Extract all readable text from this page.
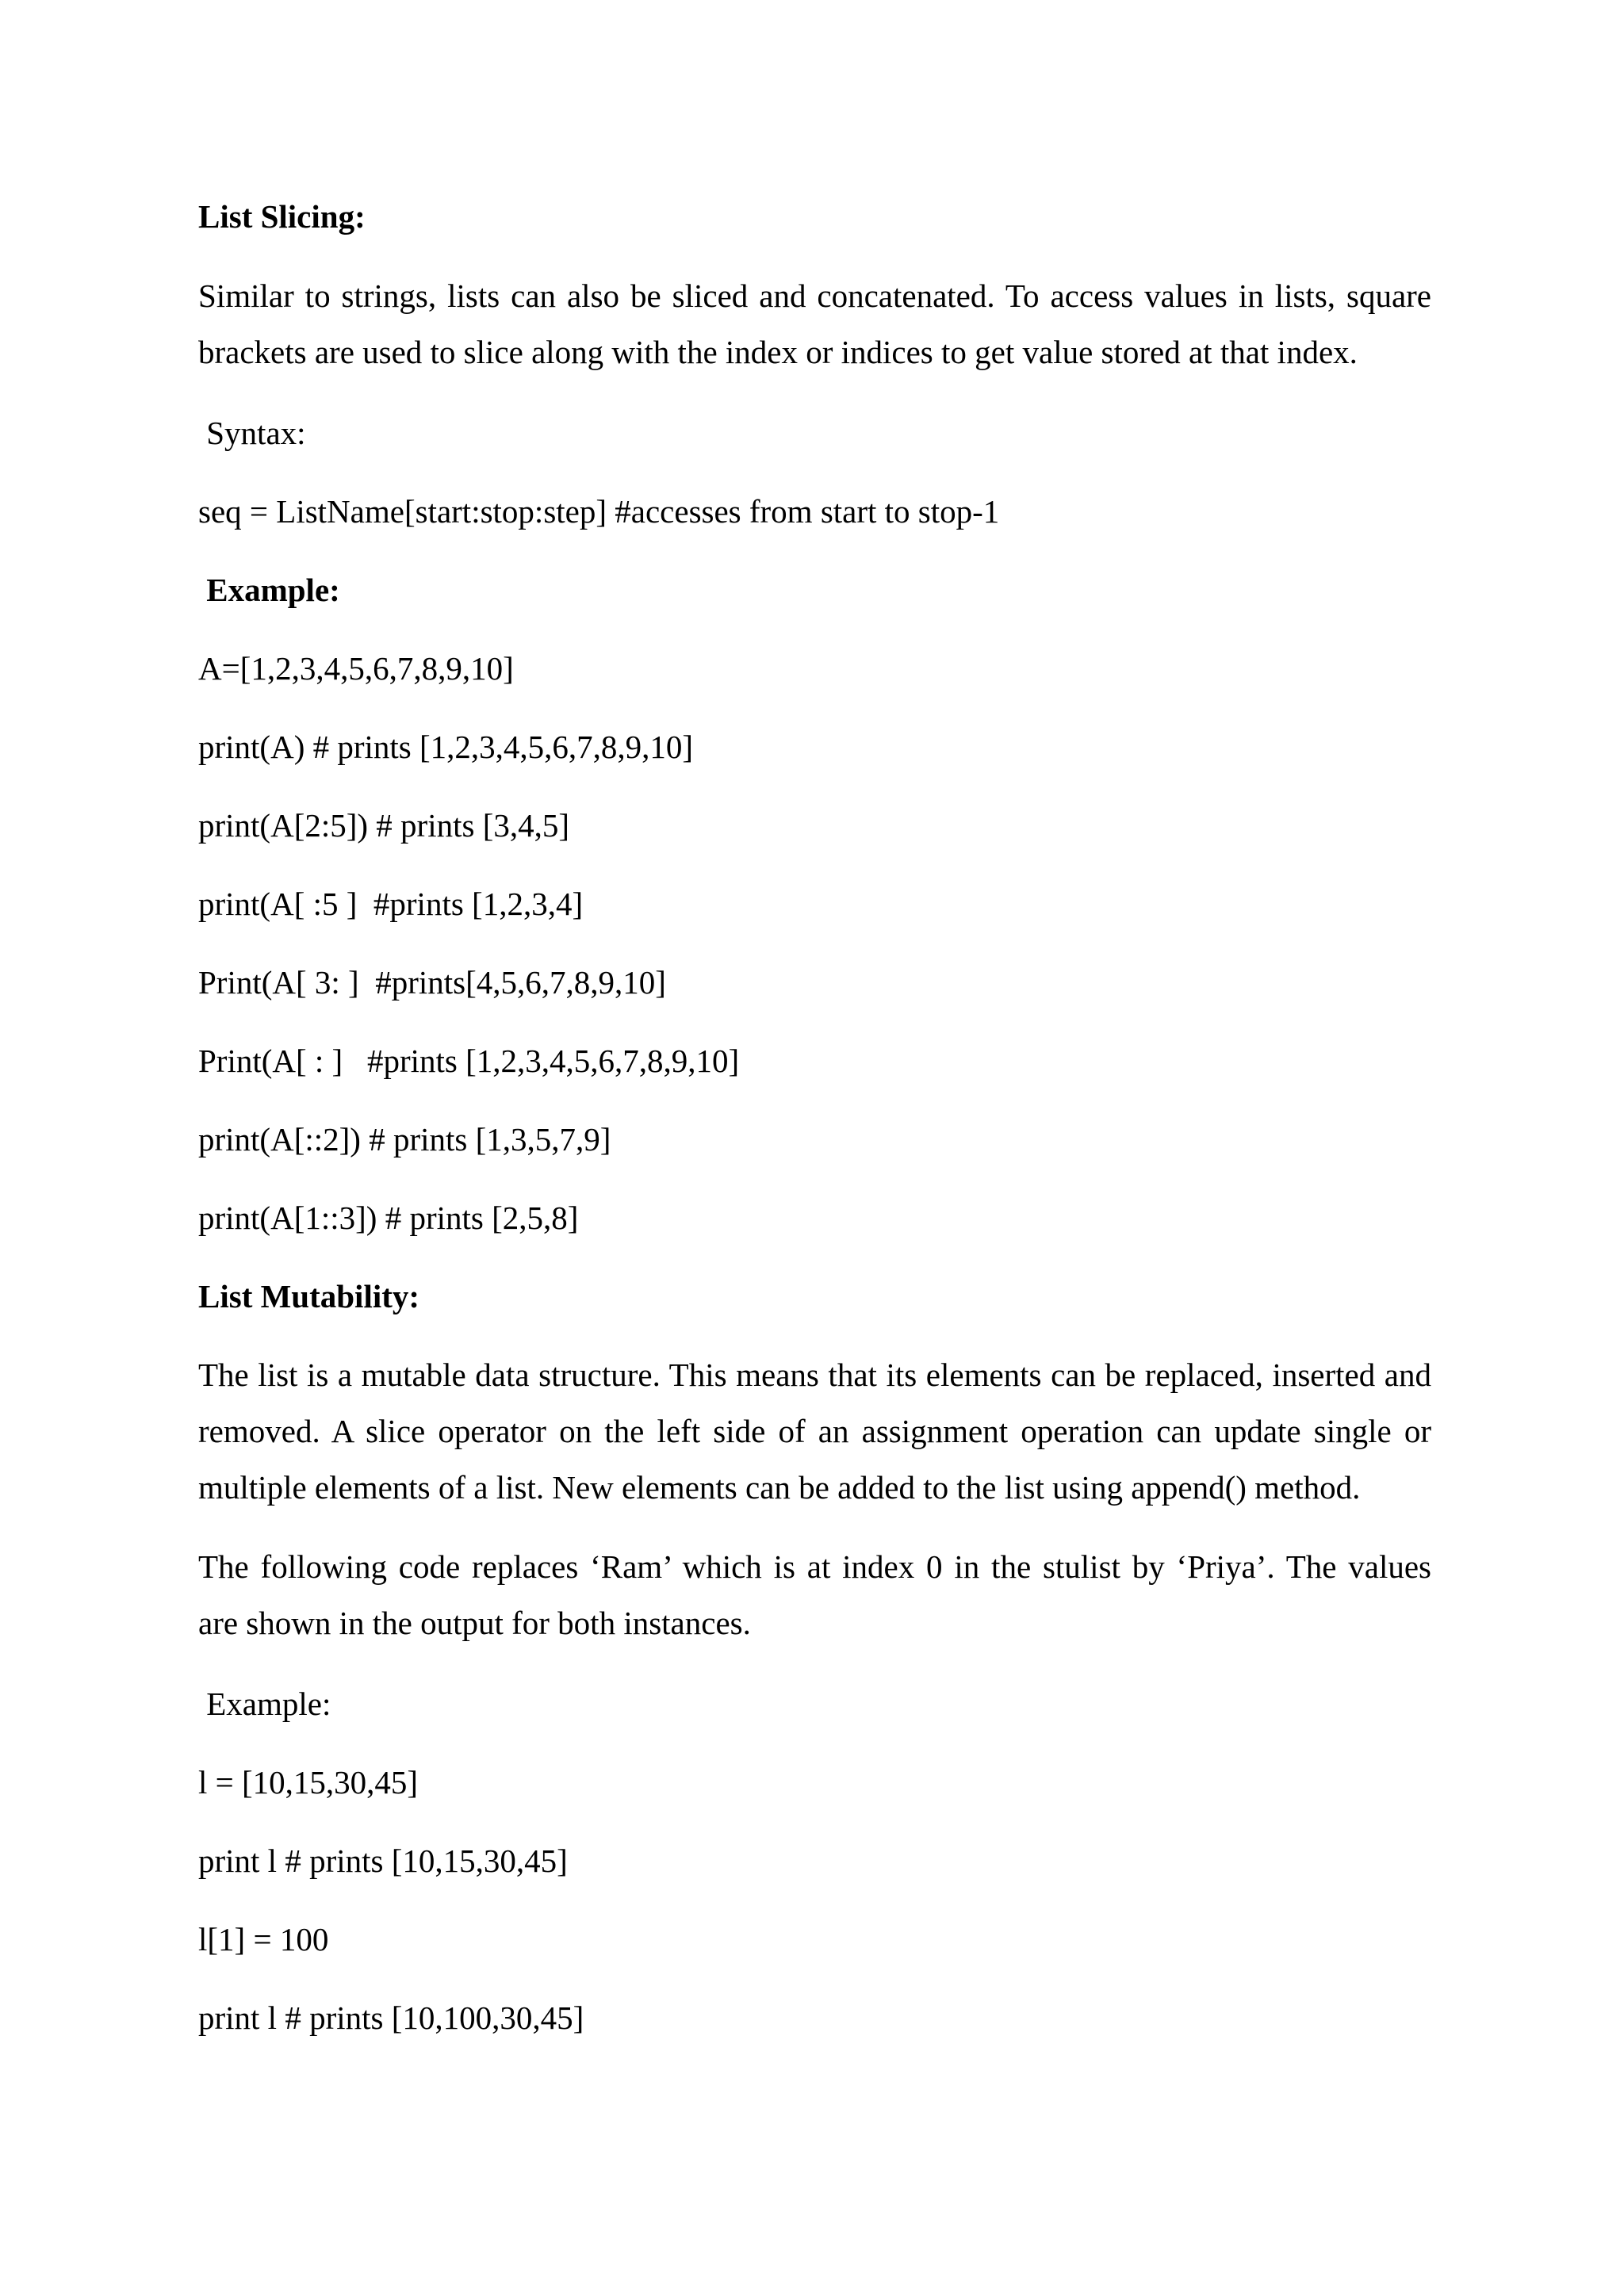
List Slicing:
Similar to strings, lists can also be sliced and concatenated. To access values in lists, square
brackets are used to slice along with the index or indices to get value stored at that index.
Syntax:
seq = ListName[start:stop:step] #accesses from start to stop-1
Example:
A=[1,2,3,4,5,6,7,8,9,10]
print(A) # prints [1,2,3,4,5,6,7,8,9,10]
print(A[2:5]) # prints [3,4,5]
print(A[ :5 ]  #prints [1,2,3,4]
Print(A[ 3: ]  #prints[4,5,6,7,8,9,10]
Print(A[ : ]   #prints [1,2,3,4,5,6,7,8,9,10]
print(A[::2]) # prints [1,3,5,7,9]
print(A[1::3]) # prints [2,5,8]
List Mutability:
The list is a mutable data structure. This means that its elements can be replaced, inserted and
removed. A slice operator on the left side of an assignment operation can update single or
multiple elements of a list. New elements can be added to the list using append() method.
The following code replaces ‘Ram’ which is at index 0 in the stulist by ‘Priya’. The values
are shown in the output for both instances.
Example:
l = [10,15,30,45]
print l # prints [10,15,30,45]
l[1] = 100
print l # prints [10,100,30,45]
